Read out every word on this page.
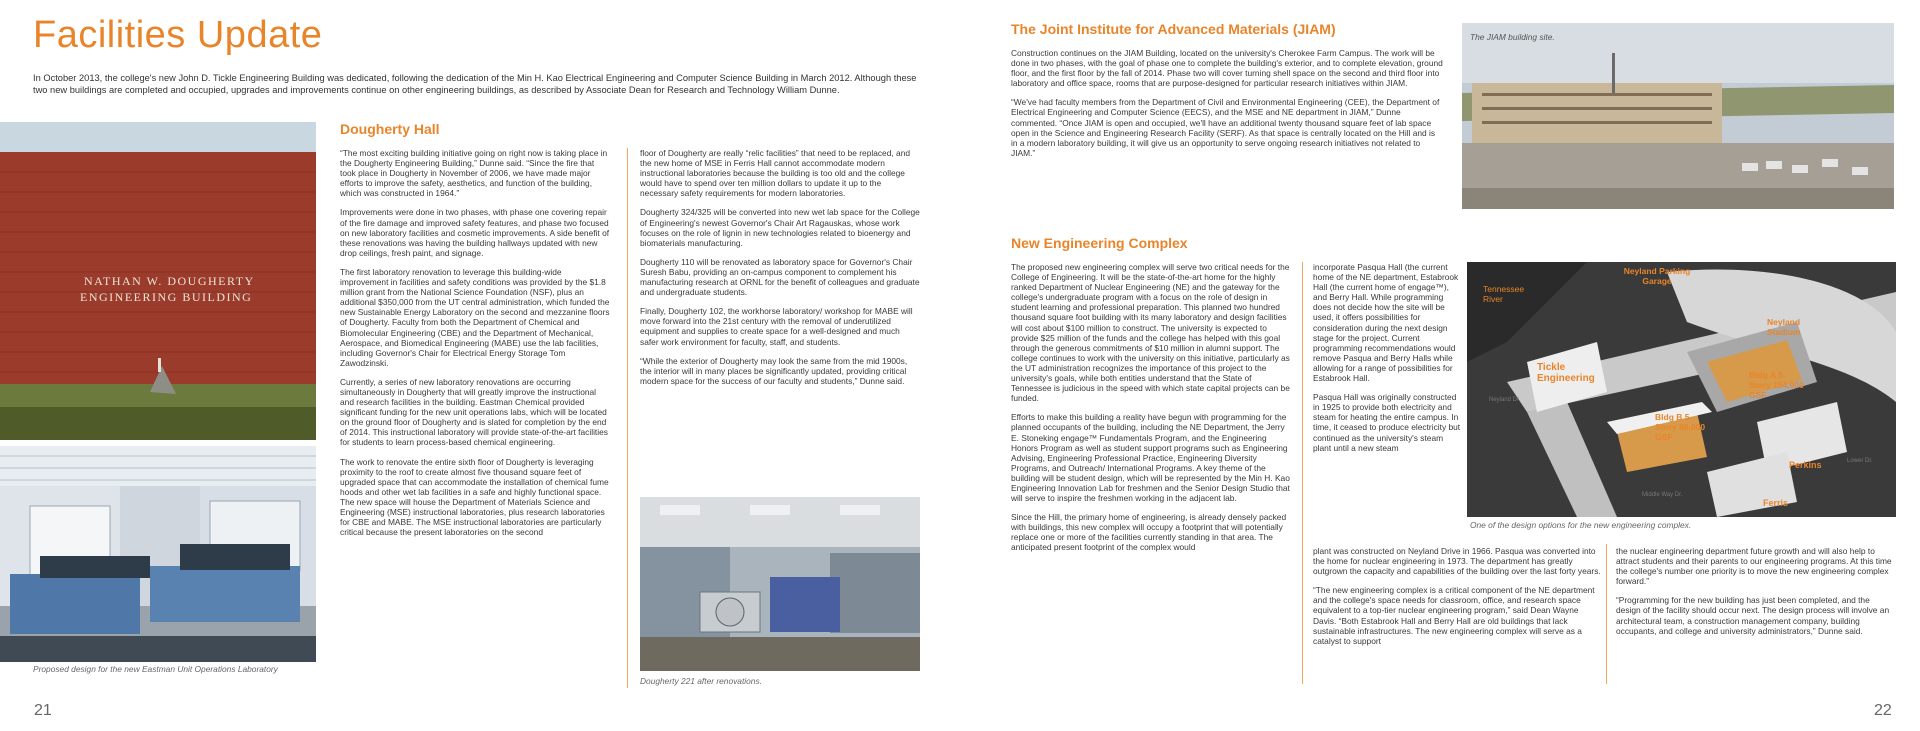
Facilities Update

In October 2013, the college's new John D. Tickle Engineering Building was dedicated, following the dedication of the Min H. Kao Electrical Engineering and Computer Science Building in March 2012. Although these two new buildings are completed and occupied, upgrades and improvements continue on other engineering buildings, as described by Associate Dean for Research and Technology William Dunne.

NATHAN W. DOUGHERTY
ENGINEERING BUILDING
Proposed design for the new Eastman Unit Operations Laboratory
Dougherty Hall

“The most exciting building initiative going on right now is taking place in the Dougherty Engineering Building,” Dunne said. “Since the fire that took place in Dougherty in November of 2006, we have made major efforts to improve the safety, aesthetics, and function of the building, which was constructed in 1964.”

Improvements were done in two phases, with phase one covering repair of the fire damage and improved safety features, and phase two focused on new laboratory facilities and cosmetic improvements. A side benefit of these renovations was having the building hallways updated with new drop ceilings, fresh paint, and signage.

The first laboratory renovation to leverage this building-wide improvement in facilities and safety conditions was provided by the $1.8 million grant from the National Science Foundation (NSF), plus an additional $350,000 from the UT central administration, which funded the new Sustainable Energy Laboratory on the second and mezzanine floors of Dougherty. Faculty from both the Department of Chemical and Biomolecular Engineering (CBE) and the Department of Mechanical, Aerospace, and Biomedical Engineering (MABE) use the lab facilities, including Governor's Chair for Electrical Energy Storage Tom Zawodzinski.

Currently, a series of new laboratory renovations are occurring simultaneously in Dougherty that will greatly improve the instructional and research facilities in the building. Eastman Chemical provided significant funding for the new unit operations labs, which will be located on the ground floor of Dougherty and is slated for completion by the end of 2014. This instructional laboratory will provide state-of-the-art facilities for students to learn process-based chemical engineering.

The work to renovate the entire sixth floor of Dougherty is leveraging proximity to the roof to create almost five thousand square feet of upgraded space that can accommodate the installation of chemical fume hoods and other wet lab facilities in a safe and highly functional space. The new space will house the Department of Materials Science and Engineering (MSE) instructional laboratories, plus research laboratories for CBE and MABE. The MSE instructional laboratories are particularly critical because the present laboratories on the second

floor of Dougherty are really “relic facilities” that need to be replaced, and the new home of MSE in Ferris Hall cannot accommodate modern instructional laboratories because the building is too old and the college would have to spend over ten million dollars to update it up to the necessary safety requirements for modern laboratories.

Dougherty 324/325 will be converted into new wet lab space for the College of Engineering's newest Governor's Chair Art Ragauskas, whose work focuses on the role of lignin in new technologies related to bioenergy and biomaterials manufacturing.

Dougherty 110 will be renovated as laboratory space for Governor's Chair Suresh Babu, providing an on-campus component to complement his manufacturing research at ORNL for the benefit of colleagues and graduate and undergraduate students.

Finally, Dougherty 102, the workhorse laboratory/ workshop for MABE will move forward into the 21st century with the removal of underutilized equipment and supplies to create space for a well-designed and much safer work environment for faculty, staff, and students.

“While the exterior of Dougherty may look the same from the mid 1900s, the interior will in many places be significantly updated, providing critical modern space for the success of our faculty and students,” Dunne said.

Dougherty 221 after renovations.
21
The Joint Institute for Advanced Materials (JIAM)

Construction continues on the JIAM Building, located on the university's Cherokee Farm Campus. The work will be done in two phases, with the goal of phase one to complete the building's exterior, and to complete elevation, ground floor, and the first floor by the fall of 2014. Phase two will cover turning shell space on the second and third floor into laboratory and office space, rooms that are purpose-designed for particular research initiatives within JIAM.

“We've had faculty members from the Department of Civil and Environmental Engineering (CEE), the Department of Electrical Engineering and Computer Science (EECS), and the MSE and NE department in JIAM,” Dunne commented. “Once JIAM is open and occupied, we'll have an additional twenty thousand square feet of lab space open in the Science and Engineering Research Facility (SERF). As that space is centrally located on the Hill and is in a modern laboratory building, it will give us an opportunity to serve ongoing research initiatives not related to JIAM.”

The JIAM building site.
New Engineering Complex

The proposed new engineering complex will serve two critical needs for the College of Engineering. It will be the state-of-the-art home for the highly ranked Department of Nuclear Engineering (NE) and the gateway for the college's undergraduate program with a focus on the role of design in student learning and professional preparation. This planned two hundred thousand square foot building with its many laboratory and design facilities will cost about $100 million to construct. The university is expected to provide $25 million of the funds and the college has helped with this goal through the generous commitments of $10 million in alumni support. The college continues to work with the university on this initiative, particularly as the UT administration recognizes the importance of this project to the university's goals, while both entities understand that the State of Tennessee is judicious in the speed with which state capital projects can be funded.

Efforts to make this building a reality have begun with programming for the planned occupants of the building, including the NE Department, the Jerry E. Stoneking engage™ Fundamentals Program, and the Engineering Honors Program as well as student support programs such as Engineering Advising, Engineering Professional Practice, Engineering Diversity Programs, and Outreach/ International Programs. A key theme of the building will be student design, which will be represented by the Min H. Kao Engineering Innovation Lab for freshmen and the Senior Design Studio that will serve to inspire the freshmen working in the adjacent lab.

Since the Hill, the primary home of engineering, is already densely packed with buildings, this new complex will occupy a footprint that will potentially replace one or more of the facilities currently standing in that area. The anticipated present footprint of the complex would

incorporate Pasqua Hall (the current home of the NE department, Estabrook Hall (the current home of engage™), and Berry Hall. While programming does not decide how the site will be used, it offers possibilities for consideration during the next design stage for the project. Current programming recommendations would remove Pasqua and Berry Halls while allowing for a range of possibilities for Estabrook Hall.

Pasqua Hall was originally constructed in 1925 to provide both electricity and steam for heating the entire campus. In time, it ceased to produce electricity but continued as the university's steam plant until a new steam

plant was constructed on Neyland Drive in 1966. Pasqua was converted into the home for nuclear engineering in 1973. The department has greatly outgrown the capacity and capabilities of the building over the last forty years.

“The new engineering complex is a critical component of the NE department and the college's space needs for classroom, office, and research space equivalent to a top-tier nuclear engineering program,” said Dean Wayne Davis. “Both Estabrook Hall and Berry Hall are old buildings that lack sustainable infrastructures. The new engineering complex will serve as a catalyst to support

the nuclear engineering department future growth and will also help to attract students and their parents to our engineering programs. At this time the college's number one priority is to move the new engineering complex forward.”

“Programming for the new building has just been completed, and the design of the facility should occur next. The design process will involve an architectural team, a construction management company, building occupants, and college and university administrators,” Dunne said.

Tennessee River
Neyland Parking Garage
Neyland Stadium
Tickle Engineering	Bldg A 5-Story 154,000 GSF
Bldg B 5-Story 80,000 GSF
Perkins
Ferris
Neyland Dr.
Lower Dr.
Middle Way Dr.
One of the design options for the new engineering complex.
22
